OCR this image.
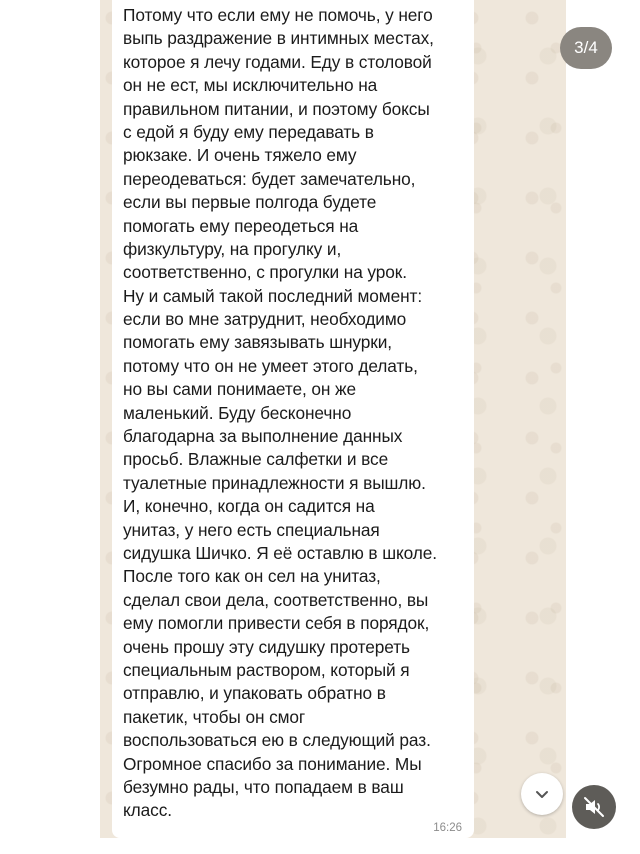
Потому что если ему не помочь, у него
выпь раздражение в интимных местах,
которое я лечу годами. Еду в столовой
он не ест, мы исключительно на
правильном питании, и поэтому боксы
с едой я буду ему передавать в
рюкзаке. И очень тяжело ему
переодеваться: будет замечательно,
если вы первые полгода будете
помогать ему переодеться на
физкультуру, на прогулку и,
соответственно, с прогулки на урок.
Ну и самый такой последний момент:
если во мне затруднит, необходимо
помогать ему завязывать шнурки,
потому что он не умеет этого делать,
но вы сами понимаете, он же
маленький. Буду бесконечно
благодарна за выполнение данных
просьб. Влажные салфетки и все
туалетные принадлежности я вышлю.
И, конечно, когда он садится на
унитаз, у него есть специальная
сидушка Шичко. Я её оставлю в школе.
После того как он сел на унитаз,
сделал свои дела, соответственно, вы
ему помогли привести себя в порядок,
очень прошу эту сидушку протереть
специальным раствором, который я
отправлю, и упаковать обратно в
пакетик, чтобы он смог
воспользоваться ею в следующий раз.
Огромное спасибо за понимание. Мы
безумно рады, что попадаем в ваш
класс.

16:26
3/4
